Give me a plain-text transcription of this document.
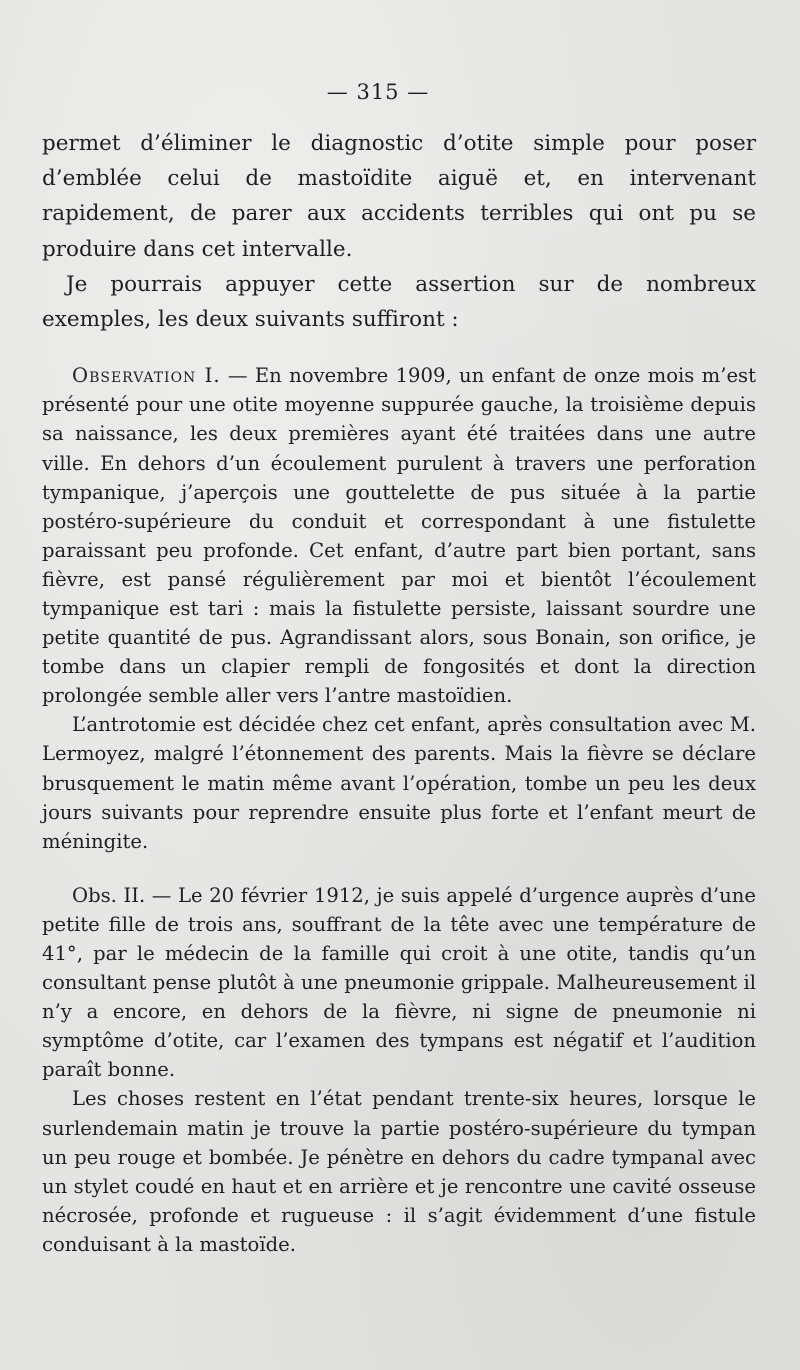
— 315 —

permet d’éliminer le diagnostic d’otite simple pour poser d’emblée celui de mastoïdite aiguë et, en intervenant rapidement, de parer aux accidents terribles qui ont pu se produire dans cet intervalle.

Je pourrais appuyer cette assertion sur de nombreux exemples, les deux suivants suffiront :

Observation I. — En novembre 1909, un enfant de onze mois m’est présenté pour une otite moyenne suppurée gauche, la troisième depuis sa naissance, les deux premières ayant été traitées dans une autre ville. En dehors d’un écoulement purulent à travers une perforation tympanique, j’aperçois une gouttelette de pus située à la partie postéro-supérieure du conduit et correspondant à une fistulette paraissant peu profonde. Cet enfant, d’autre part bien portant, sans fièvre, est pansé régulièrement par moi et bientôt l’écoulement tympanique est tari : mais la fistulette persiste, laissant sourdre une petite quantité de pus. Agrandissant alors, sous Bonain, son orifice, je tombe dans un clapier rempli de fongosités et dont la direction prolongée semble aller vers l’antre mastoïdien.

L’antrotomie est décidée chez cet enfant, après consultation avec M. Lermoyez, malgré l’étonnement des parents. Mais la fièvre se déclare brusquement le matin même avant l’opération, tombe un peu les deux jours suivants pour reprendre ensuite plus forte et l’enfant meurt de méningite.

Obs. II. — Le 20 février 1912, je suis appelé d’urgence auprès d’une petite fille de trois ans, souffrant de la tête avec une température de 41°, par le médecin de la famille qui croit à une otite, tandis qu’un consultant pense plutôt à une pneumonie grippale. Malheureusement il n’y a encore, en dehors de la fièvre, ni signe de pneumonie ni symptôme d’otite, car l’examen des tympans est négatif et l’audition paraît bonne.

Les choses restent en l’état pendant trente-six heures, lorsque le surlendemain matin je trouve la partie postéro-supérieure du tympan un peu rouge et bombée. Je pénètre en dehors du cadre tympanal avec un stylet coudé en haut et en arrière et je rencontre une cavité osseuse nécrosée, profonde et rugueuse : il s’agit évidemment d’une fistule conduisant à la mastoïde.
